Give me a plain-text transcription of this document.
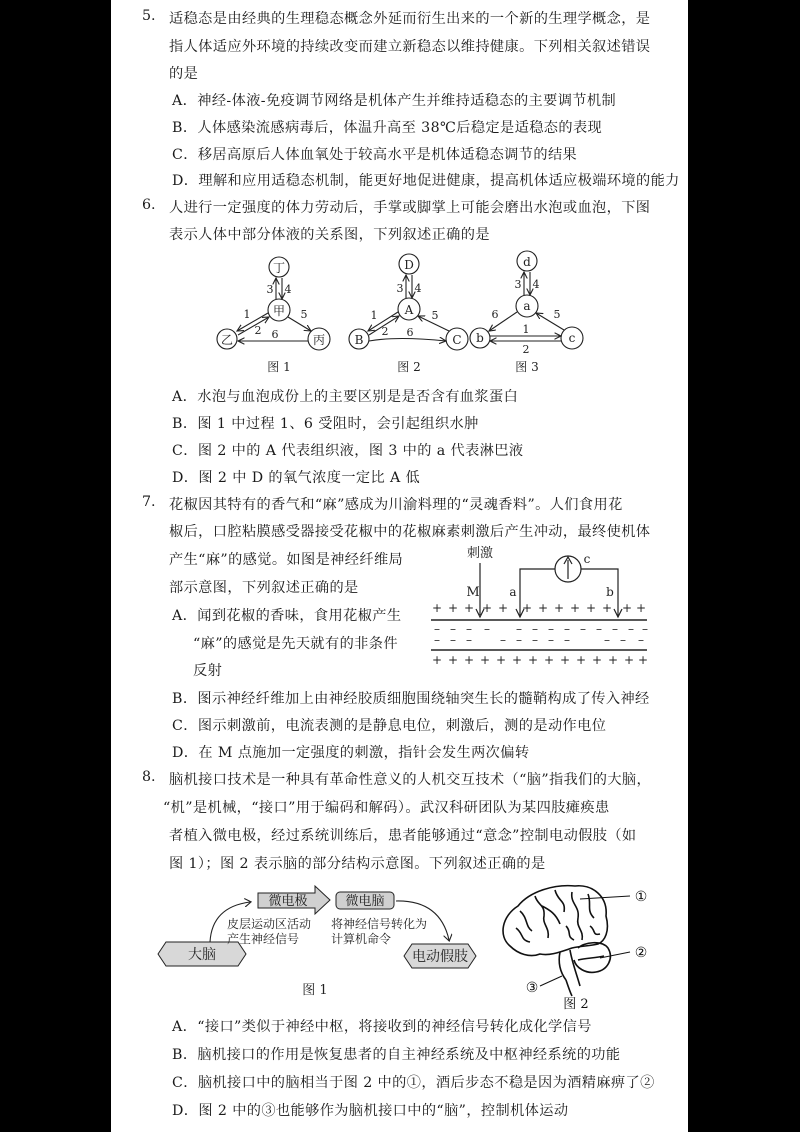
5. 适稳态是由经典的生理稳态概念外延而衍生出来的一个新的生理学概念，是
指人体适应外环境的持续改变而建立新稳态以维持健康。下列相关叙述错误
的是
A．神经-体液-免疫调节网络是机体产生并维持适稳态的主要调节机制
B．人体感染流感病毒后，体温升高至 38℃后稳定是适稳态的表现
C．移居高原后人体血氧处于较高水平是机体适稳态调节的结果
D．理解和应用适稳态机制，能更好地促进健康，提高机体适应极端环境的能力
6. 人进行一定强度的体力劳动后，手掌或脚掌上可能会磨出水泡或血泡，下图
表示人体中部分体液的关系图，下列叙述正确的是
丁
甲
乙	丙
3 4
1
2
5
6
图 1
D
A
B	C
3 4
1
2
5
6
图 2
d
a
b	c
3 4
6	5
1
2
图 3
A．水泡与血泡成份上的主要区别是是否含有血浆蛋白
B．图 1 中过程 1、6 受阻时，会引起组织水肿
C．图 2 中的 A 代表组织液，图 3 中的 a 代表淋巴液
D．图 2 中 D 的氧气浓度一定比 A 低
7. 花椒因其特有的香气和“麻”感成为川渝料理的“灵魂香料”。人们食用花
椒后，口腔粘膜感受器接受花椒中的花椒麻素刺激后产生冲动，最终使机体
产生“麻”的感觉。如图是神经纤维局
部示意图，下列叙述正确的是
A．闻到花椒的香味，食用花椒产生
“麻”的感觉是先天就有的非条件
反射
刺激
M
c
a	b
+ + + + + + + + + + + + +
– – – – – – – – – – – – –
– – – – – – – –	– – –
+ + + + + + + + + + + + + +
B．图示神经纤维加上由神经胶质细胞围绕轴突生长的髓鞘构成了传入神经
C．图示刺激前，电流表测的是静息电位，刺激后，测的是动作电位
D．在 M 点施加一定强度的刺激，指针会发生两次偏转
8. 脑机接口技术是一种具有革命性意义的人机交互技术（“脑”指我们的大脑，
“机”是机械，“接口”用于编码和解码）。武汉科研团队为某四肢瘫痪患
者植入微电极，经过系统训练后，患者能够通过“意念”控制电动假肢（如
图 1）；图 2 表示脑的部分结构示意图。下列叙述正确的是
大脑
微电极
皮层运动区活动
产生神经信号
微电脑
将神经信号转化为
计算机命令
电动假肢
图 1
①
②
③
图 2
A．“接口”类似于神经中枢，将接收到的神经信号转化成化学信号
B．脑机接口的作用是恢复患者的自主神经系统及中枢神经系统的功能
C．脑机接口中的脑相当于图 2 中的①，酒后步态不稳是因为酒精麻痹了②
D．图 2 中的③也能够作为脑机接口中的“脑”，控制机体运动
